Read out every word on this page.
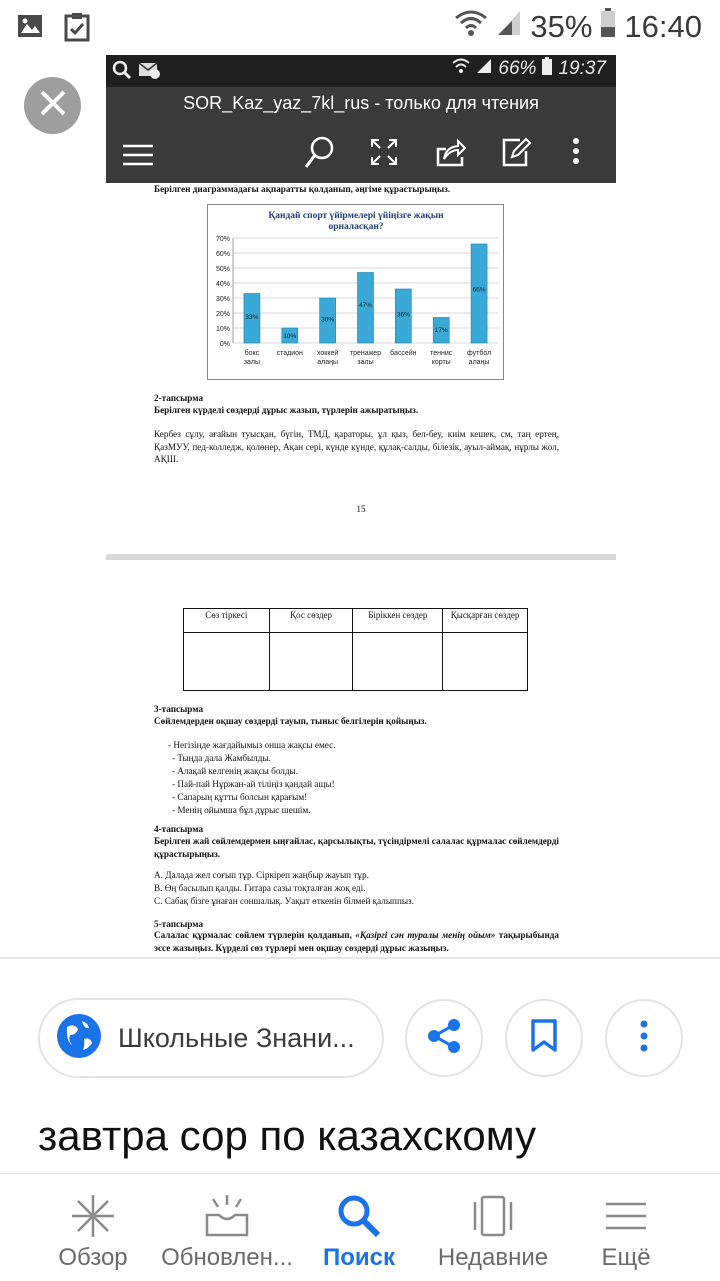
35% 16:40
66% 19:37
SOR_Kaz_yaz_7kl_rus - только для чтения
Берілген диаграммадағы ақпаратты қолданып, әңгіме құрастырыңыз.
Қандай спорт үйірмелері үйіңізге жақын
орналасқан?
0%
10%
20%
30%
40%
50%
60%
70%
33%
бокс
залы
10%
стадион
30%
хоккей
алаңы
47%
тренажер
залы
36%
бассейн
17%
теннис
корты
66%
футбол
алаңы
2-тапсырма
Берілген күрделі сөздерді дұрыс жазып, түрлерін ажыратыңыз.
Кербез сұлу, ағайын туысқан, бүгін, ТМД, қараторы, ұл қыз, бел-беу, киім кешек, см, таң ертең, ҚазМУУ, пед-колледж, қолөнер, Ақан сері, күнде күнде, құлақ-салды, білезік, ауыл-аймақ, нұрлы жол, АҚШ.
15
Сөз тіркесі	Қос сөздер	Біріккен сөздер	Қысқарған сөздер

3-тапсырма
Сөйлемдерден оқшау сөздерді тауып, тыныс белгілерін қойыңыз.
- Негізінде жағдайымыз онша жақсы емес.
- Тыңда дала Жамбылды.
- Алақай келгенің жақсы болды.
- Пай-пай Нұржан-ай тіліңіз қандай ащы!
- Сапарың құтты болсын қарағым!
- Менің ойымша бұл дұрыс шешім.
4-тапсырма
Берілген жай сөйлемдермен ыңғайлас, қарсылықты, түсіндірмелі салалас құрмалас сөйлемдерді құрастырыңыз.
А. Далада жел соғып тұр. Сіркіреп жаңбыр жауып тұр.
В. Өң басылып қалды. Гитара сазы тоқталған жоқ еді.
С. Сабақ бізге ұнаған соншалық. Уақыт өткенін білмей қалыппыз.
5-тапсырма
Салалас құрмалас сөйлем түрлерін қолданып, «Қазіргі сән туралы менің ойым» тақырыбында эссе жазыңыз. Күрделі сөз түрлері мен оқшау сөздерді дұрыс жазыңыз.
Школьные Знани...
завтра сор по казахскому
Обзор Обновлен... Поиск Недавние Ещё
